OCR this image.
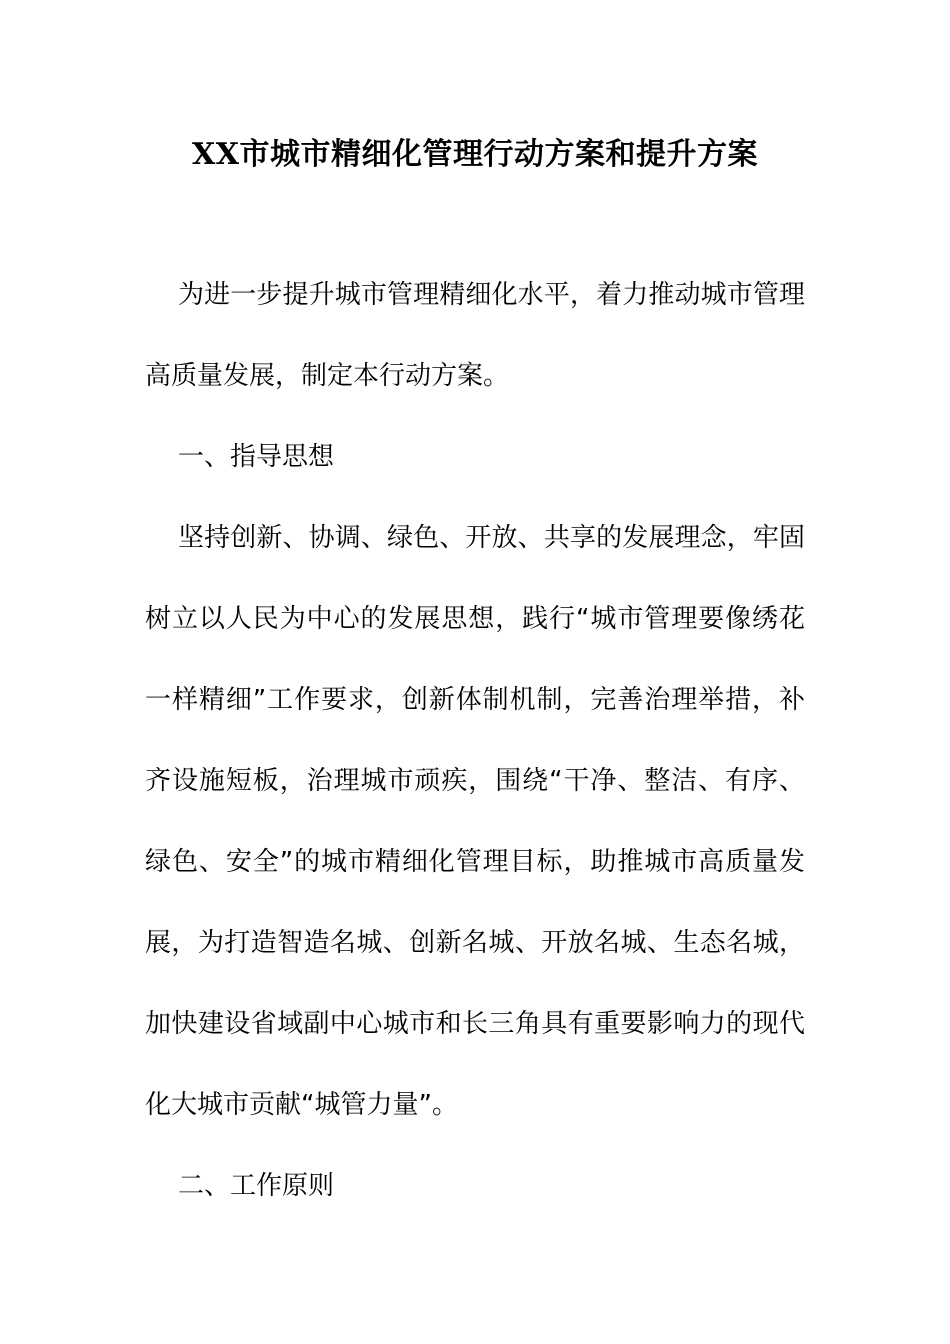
XX市城市精细化管理行动方案和提升方案

为进一步提升城市管理精细化水平，着力推动城市管理高质量发展，制定本行动方案。

一、指导思想

坚持创新、协调、绿色、开放、共享的发展理念，牢固树立以人民为中心的发展思想，践行“城市管理要像绣花一样精细”工作要求，创新体制机制，完善治理举措，补齐设施短板，治理城市顽疾，围绕“干净、整洁、有序、绿色、安全”的城市精细化管理目标，助推城市高质量发展，为打造智造名城、创新名城、开放名城、生态名城，加快建设省域副中心城市和长三角具有重要影响力的现代化大城市贡献“城管力量”。

二、工作原则
